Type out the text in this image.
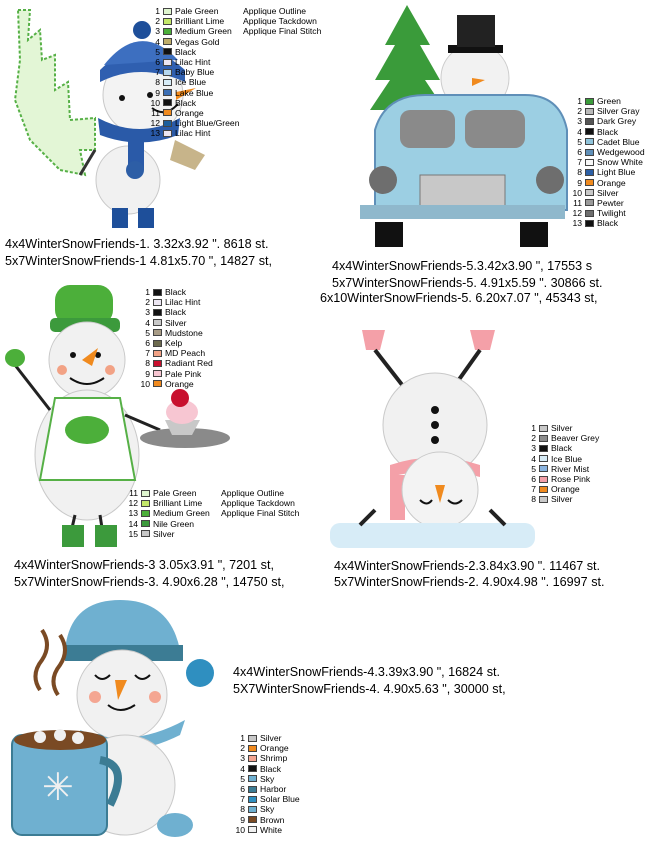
1 Pale Green	Applique Outline
2 Brilliant Lime	Applique Tackdown
3 Medium Green	Applique Final Stitch
4 Vegas Gold
5 Black
6 Lilac Hint
7 Baby Blue
8 Ice Blue
9 Lake Blue
10 Black
11 Orange
12 Light Blue/Green
13 Lilac Hint
4x4WinterSnowFriends-1. 3.32x3.92 ". 8618 st.
5x7WinterSnowFriends-1 4.81x5.70 ", 14827 st,
1 Green
2 Silver Gray
3 Dark Grey
4 Black
5 Cadet Blue
6 Wedgewood
7 Snow White
8 Light Blue
9 Orange
10 Silver
11 Pewter
12 Twilight
13 Black
4x4WinterSnowFriends-5.3.42x3.90 ", 17553 s
5x7WinterSnowFriends-5. 4.91x5.59 ". 30866 st.
6x10WinterSnowFriends-5. 6.20x7.07 ", 45343 st,
1 Black
2 Lilac Hint
3 Black
4 Silver
5 Mudstone
6 Kelp
7 MD Peach
8 Radiant Red
9 Pale Pink
10 Orange
11 Pale Green	Applique Outline
12 Brilliant Lime	Applique Tackdown
13 Medium Green	Applique Final Stitch
14 Nile Green
15 Silver
4x4WinterSnowFriends-3 3.05x3.91 ", 7201 st,
5x7WinterSnowFriends-3. 4.90x6.28 ", 14750 st,
1 Silver
2 Beaver Grey
3 Black
4 Ice Blue
5 River Mist
6 Rose Pink
7 Orange
8 Silver
4x4WinterSnowFriends-2.3.84x3.90 ". 11467 st.
5x7WinterSnowFriends-2. 4.90x4.98 ". 16997 st.
✳
4x4WinterSnowFriends-4.3.39x3.90 ", 16824 st.
5X7WinterSnowFriends-4. 4.90x5.63 ", 30000 st,
1 Silver
2 Orange
3 Shrimp
4 Black
5 Sky
6 Harbor
7 Solar Blue
8 Sky
9 Brown
10 White
